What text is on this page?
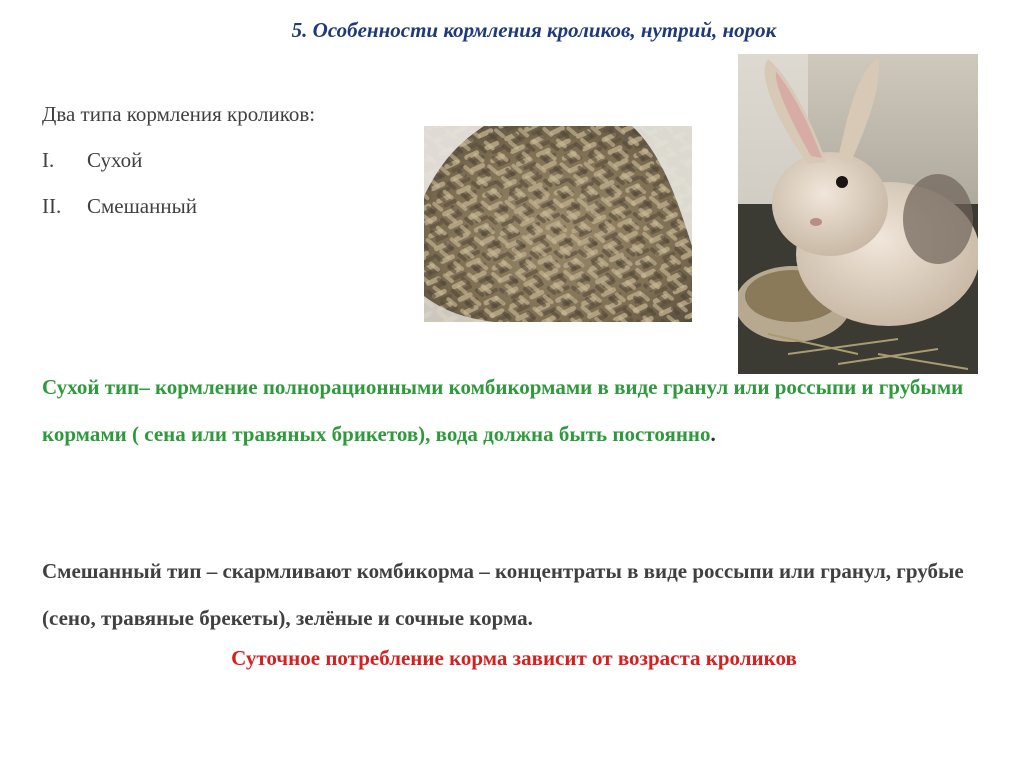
5. Особенности кормления кроликов, нутрий, норок
Два типа кормления кроликов:
I. Сухой
II. Смешанный
Сухой тип– кормление полнорационными комбикормами в виде гранул или россыпи и грубыми кормами ( сена или травяных брикетов), вода должна быть постоянно.
Смешанный тип – скармливают комбикорма – концентраты в виде россыпи или гранул, грубые (сено, травяные брекеты), зелёные и сочные корма.
Суточное потребление корма зависит от возраста кроликов
